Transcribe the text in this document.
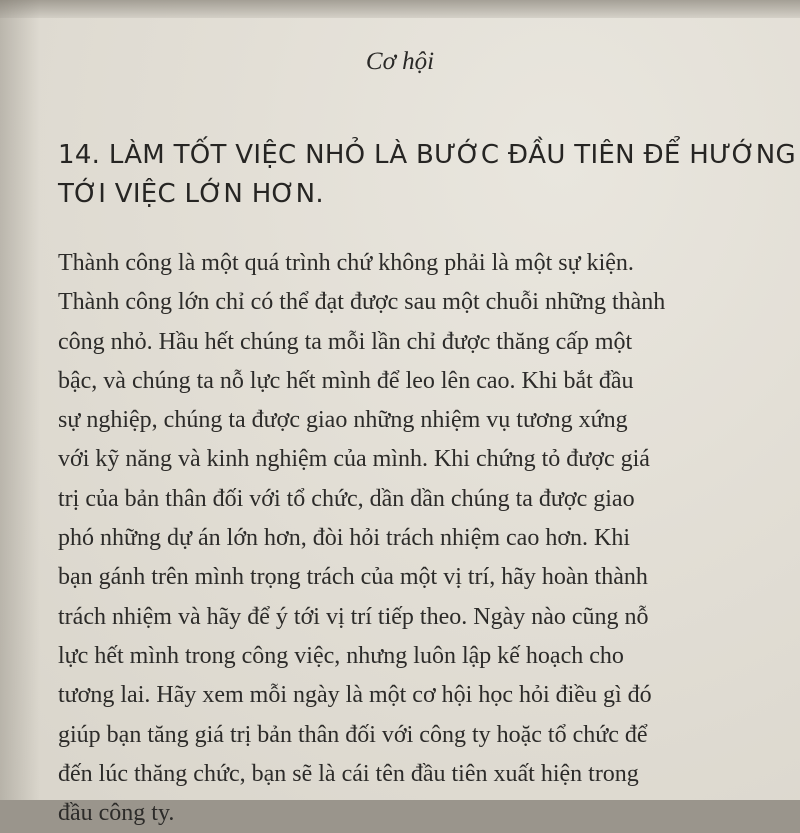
Cơ hội
14. LÀM TỐT VIỆC NHỎ LÀ BƯỚC ĐẦU TIÊN ĐỂ HƯỚNG
TỚI VIỆC LỚN HƠN.
Thành công là một quá trình chứ không phải là một sự kiện.
Thành công lớn chỉ có thể đạt được sau một chuỗi những thành
công nhỏ. Hầu hết chúng ta mỗi lần chỉ được thăng cấp một
bậc, và chúng ta nỗ lực hết mình để leo lên cao. Khi bắt đầu
sự nghiệp, chúng ta được giao những nhiệm vụ tương xứng
với kỹ năng và kinh nghiệm của mình. Khi chứng tỏ được giá
trị của bản thân đối với tổ chức, dần dần chúng ta được giao
phó những dự án lớn hơn, đòi hỏi trách nhiệm cao hơn. Khi
bạn gánh trên mình trọng trách của một vị trí, hãy hoàn thành
trách nhiệm và hãy để ý tới vị trí tiếp theo. Ngày nào cũng nỗ
lực hết mình trong công việc, nhưng luôn lập kế hoạch cho
tương lai. Hãy xem mỗi ngày là một cơ hội học hỏi điều gì đó
giúp bạn tăng giá trị bản thân đối với công ty hoặc tổ chức để
đến lúc thăng chức, bạn sẽ là cái tên đầu tiên xuất hiện trong
đầu công ty.
